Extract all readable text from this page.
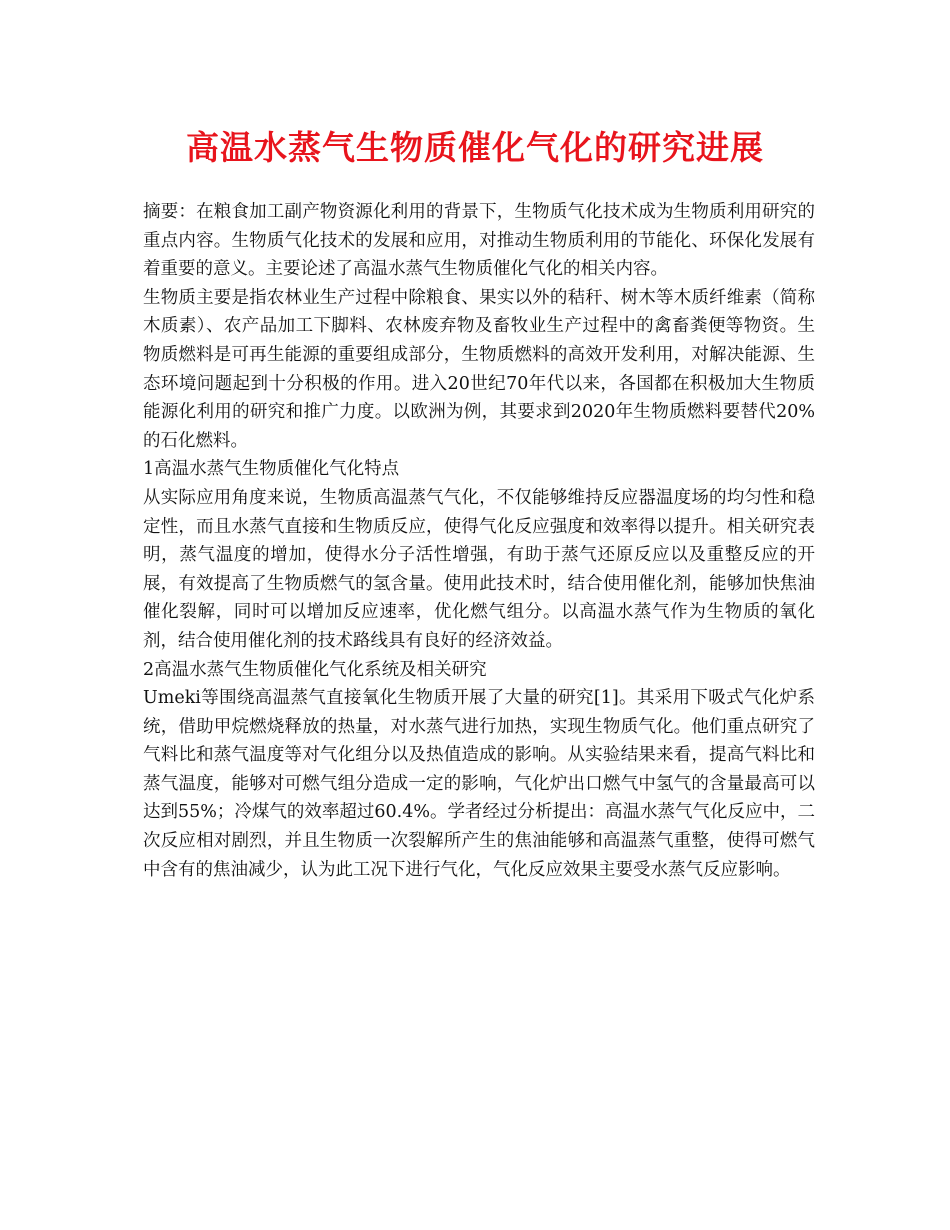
高温水蒸气生物质催化气化的研究进展

摘要：在粮食加工副产物资源化利用的背景下，生物质气化技术成为生物质利用研究的重点内容。生物质气化技术的发展和应用，对推动生物质利用的节能化、环保化发展有着重要的意义。主要论述了高温水蒸气生物质催化气化的相关内容。

生物质主要是指农林业生产过程中除粮食、果实以外的秸秆、树木等木质纤维素（简称木质素）、农产品加工下脚料、农林废弃物及畜牧业生产过程中的禽畜粪便等物资。生物质燃料是可再生能源的重要组成部分，生物质燃料的高效开发利用，对解决能源、生态环境问题起到十分积极的作用。进入20世纪70年代以来，各国都在积极加大生物质能源化利用的研究和推广力度。以欧洲为例，其要求到2020年生物质燃料要替代20%的石化燃料。

1高温水蒸气生物质催化气化特点

从实际应用角度来说，生物质高温蒸气气化，不仅能够维持反应器温度场的均匀性和稳定性，而且水蒸气直接和生物质反应，使得气化反应强度和效率得以提升。相关研究表明，蒸气温度的增加，使得水分子活性增强，有助于蒸气还原反应以及重整反应的开展，有效提高了生物质燃气的氢含量。使用此技术时，结合使用催化剂，能够加快焦油催化裂解，同时可以增加反应速率，优化燃气组分。以高温水蒸气作为生物质的氧化剂，结合使用催化剂的技术路线具有良好的经济效益。

2高温水蒸气生物质催化气化系统及相关研究

Umeki等围绕高温蒸气直接氧化生物质开展了大量的研究[1]。其采用下吸式气化炉系统，借助甲烷燃烧释放的热量，对水蒸气进行加热，实现生物质气化。他们重点研究了气料比和蒸气温度等对气化组分以及热值造成的影响。从实验结果来看，提高气料比和蒸气温度，能够对可燃气组分造成一定的影响，气化炉出口燃气中氢气的含量最高可以达到55%；冷煤气的效率超过60.4%。学者经过分析提出：高温水蒸气气化反应中，二次反应相对剧烈，并且生物质一次裂解所产生的焦油能够和高温蒸气重整，使得可燃气中含有的焦油减少，认为此工况下进行气化，气化反应效果主要受水蒸气反应影响。
